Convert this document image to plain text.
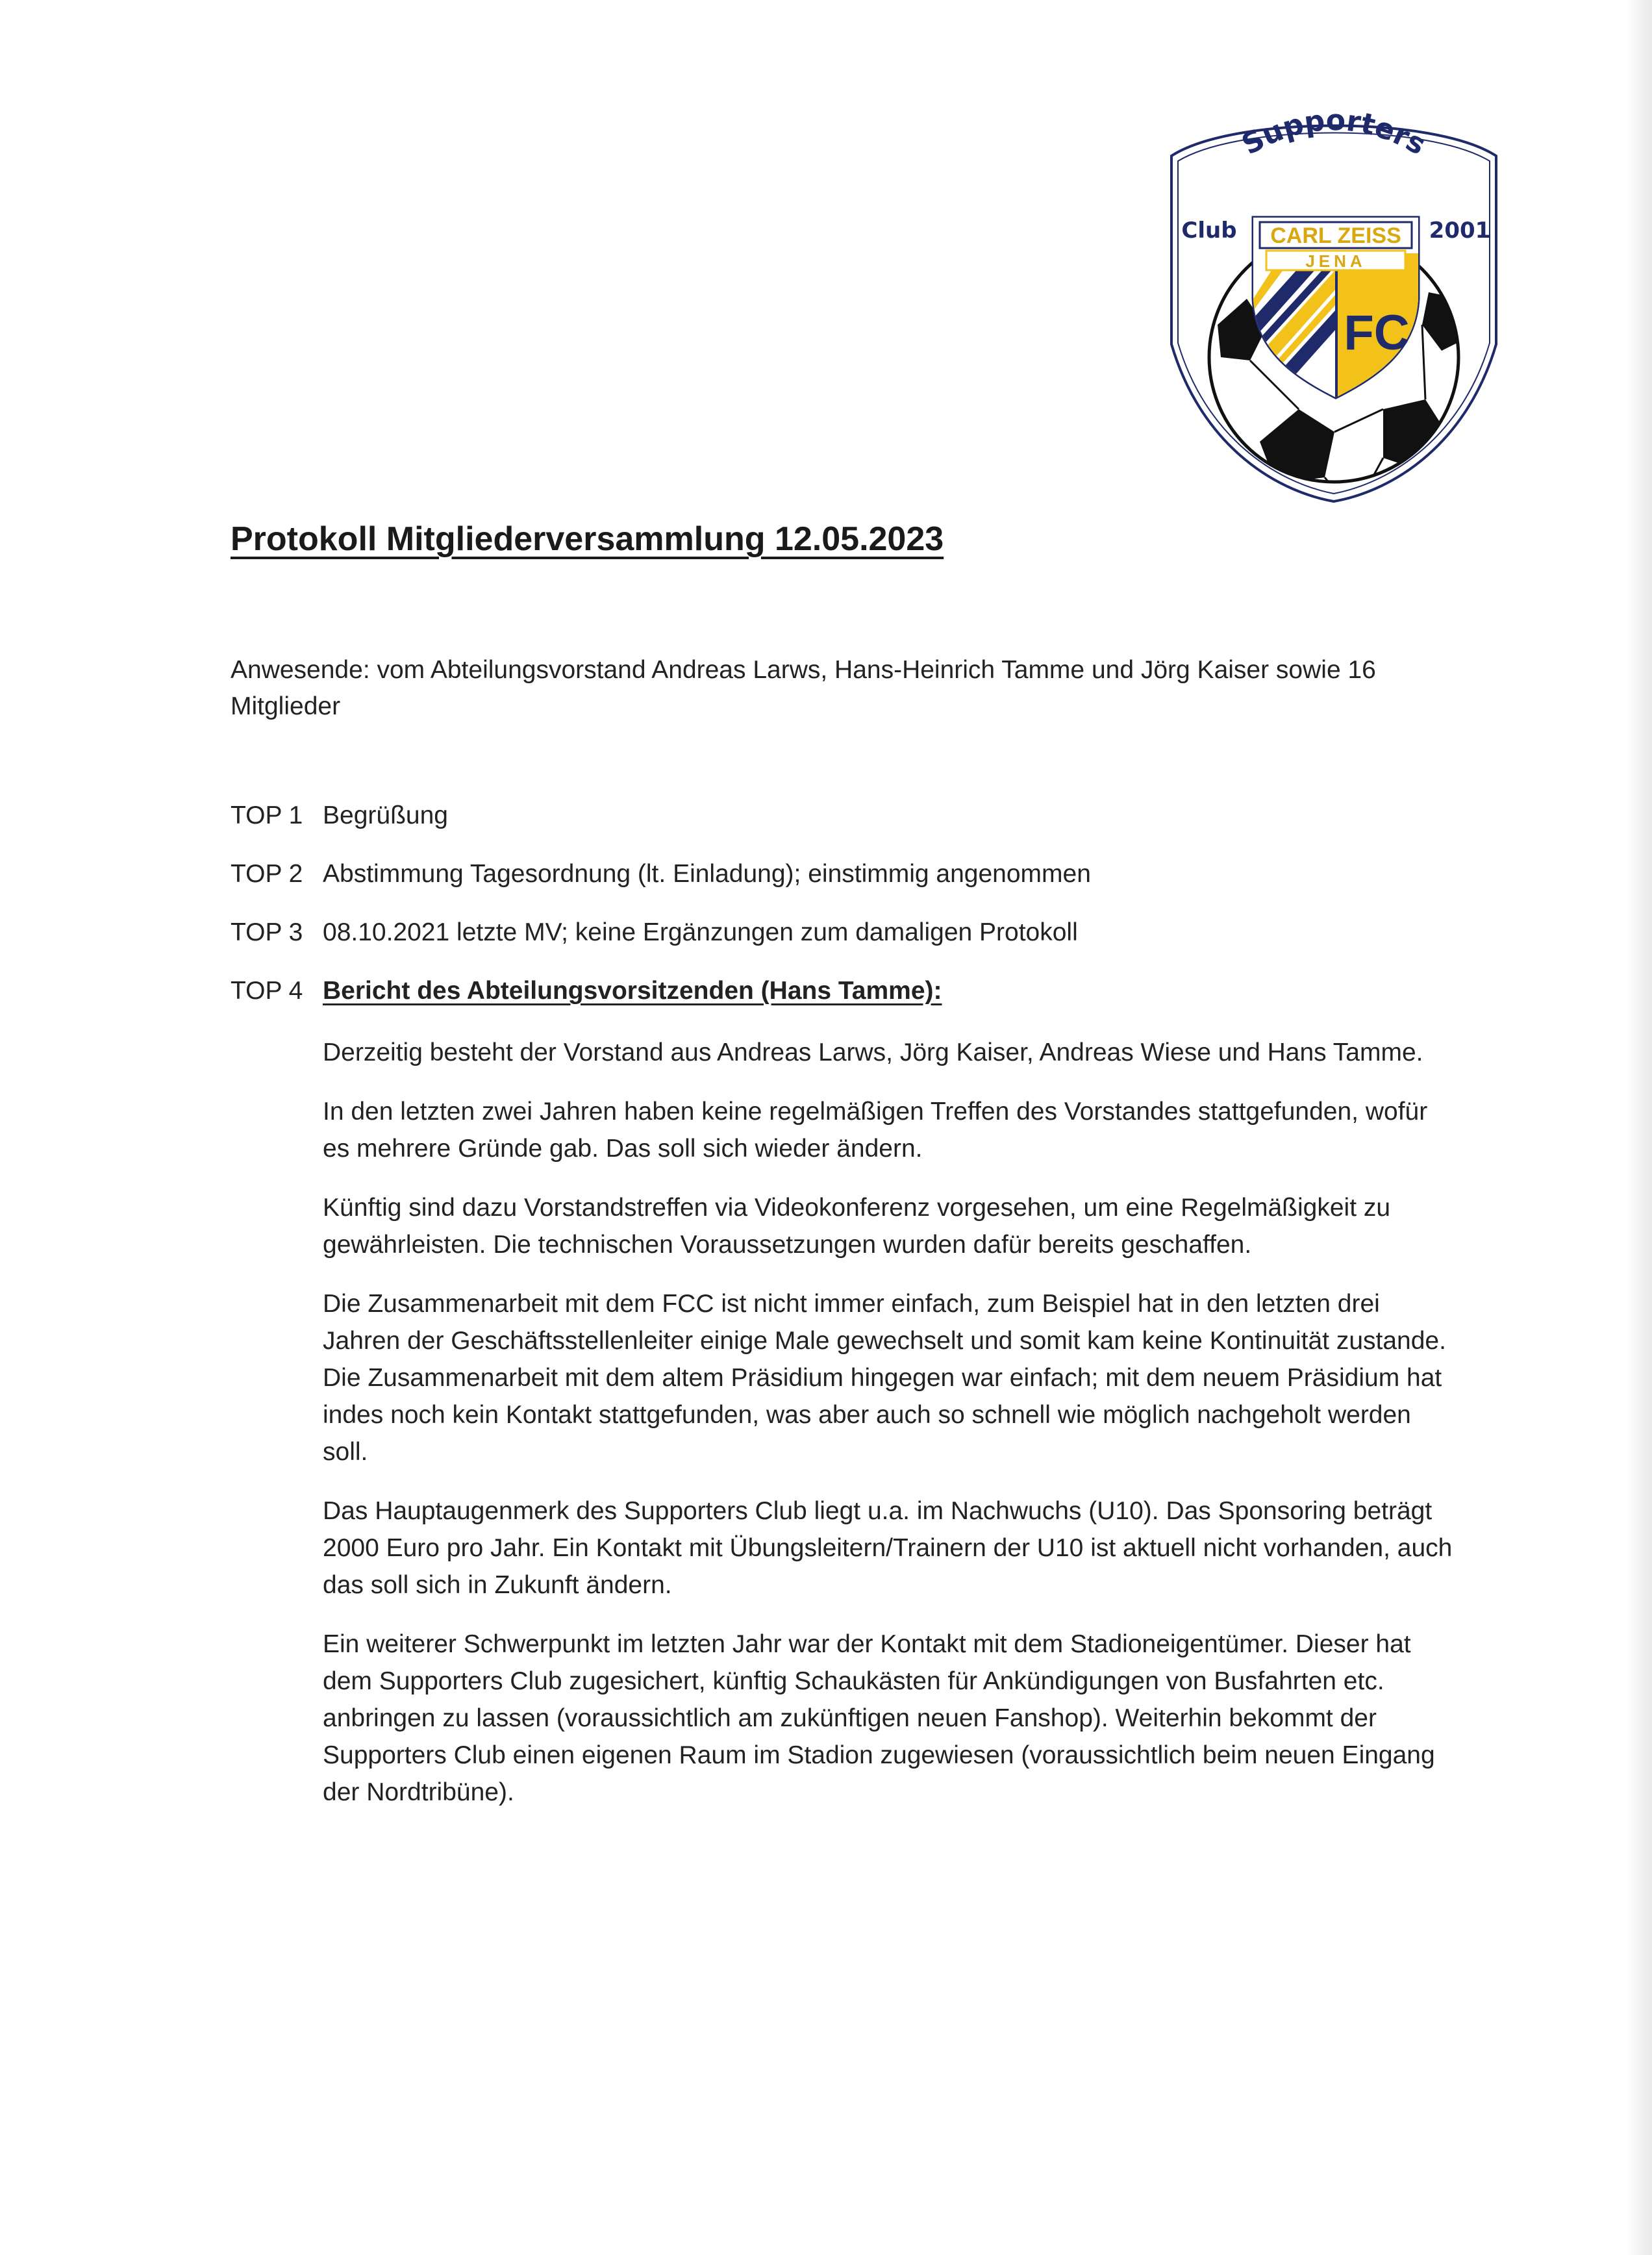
CARL ZEISS
JENA
FC
Supporters
Club	2001
Protokoll Mitgliederversammlung 12.05.2023

Anwesende: vom Abteilungsvorstand Andreas Larws, Hans-Heinrich Tamme und Jörg Kaiser sowie 16 Mitglieder

TOP 1 Begrüßung
TOP 2 Abstimmung Tagesordnung (lt. Einladung); einstimmig angenommen
TOP 3 08.10.2021 letzte MV; keine Ergänzungen zum damaligen Protokoll
TOP 4 Bericht des Abteilungsvorsitzenden (Hans Tamme):

Derzeitig besteht der Vorstand aus Andreas Larws, Jörg Kaiser, Andreas Wiese und Hans Tamme.

In den letzten zwei Jahren haben keine regelmäßigen Treffen des Vorstandes stattgefunden, wofür es mehrere Gründe gab. Das soll sich wieder ändern.

Künftig sind dazu Vorstandstreffen via Videokonferenz vorgesehen, um eine Regelmäßigkeit zu gewährleisten. Die technischen Voraussetzungen wurden dafür bereits geschaffen.

Die Zusammenarbeit mit dem FCC ist nicht immer einfach, zum Beispiel hat in den letzten drei Jahren der Geschäftsstellenleiter einige Male gewechselt und somit kam keine Kontinuität zustande. Die Zusammenarbeit mit dem altem Präsidium hingegen war einfach; mit dem neuem Präsidium hat indes noch kein Kontakt stattgefunden, was aber auch so schnell wie möglich nachgeholt werden soll.

Das Hauptaugenmerk des Supporters Club liegt u.a. im Nachwuchs (U10). Das Sponsoring beträgt 2000 Euro pro Jahr. Ein Kontakt mit Übungsleitern/Trainern der U10 ist aktuell nicht vorhanden, auch das soll sich in Zukunft ändern.

Ein weiterer Schwerpunkt im letzten Jahr war der Kontakt mit dem Stadioneigentümer. Dieser hat dem Supporters Club zugesichert, künftig Schaukästen für Ankündigungen von Busfahrten etc. anbringen zu lassen (voraussichtlich am zukünftigen neuen Fanshop). Weiterhin bekommt der Supporters Club einen eigenen Raum im Stadion zugewiesen (voraussichtlich beim neuen Eingang der Nordtribüne).
